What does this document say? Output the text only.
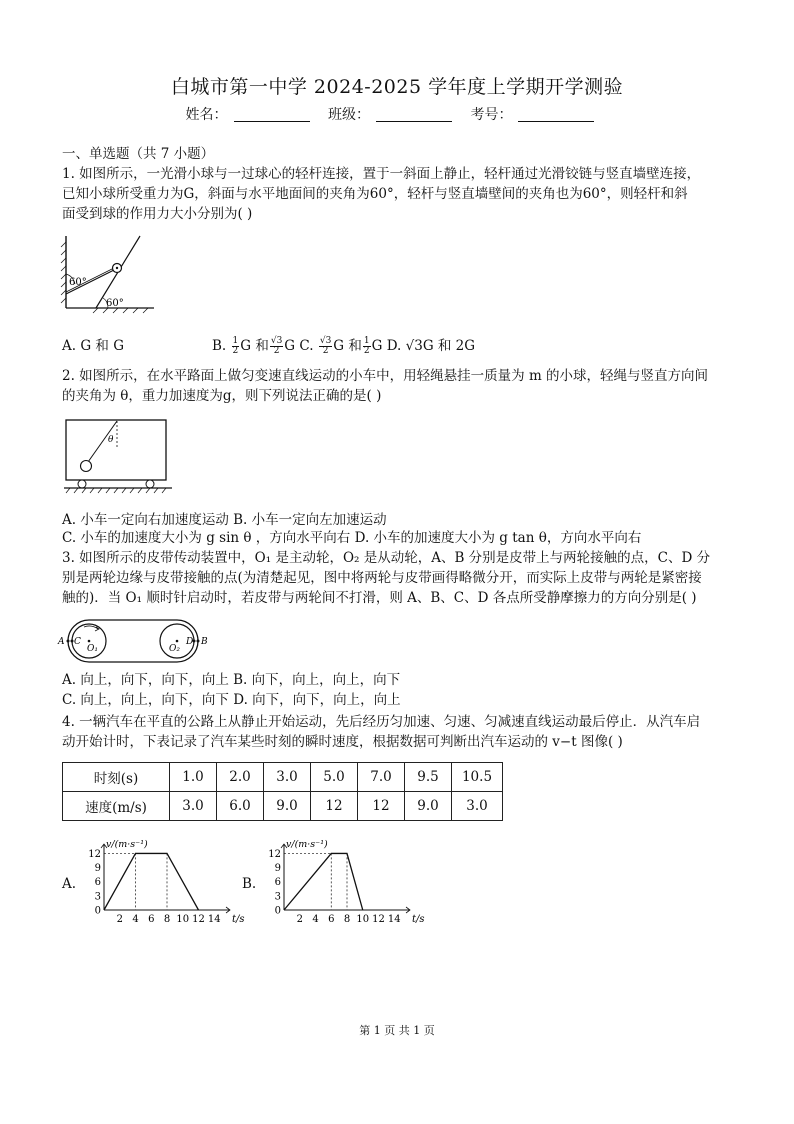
白城市第一中学 2024-2025 学年度上学期开学测验
姓名：	班级：	考号：
一、单选题（共 7 小题）
1. 如图所示，一光滑小球与一过球心的轻杆连接，置于一斜面上静止，轻杆通过光滑铰链与竖直墙壁连接，
已知小球所受重力为G，斜面与水平地面间的夹角为60°，轻杆与竖直墙壁间的夹角也为60°，则轻杆和斜
面受到球的作用力大小分别为( )
60°
60°
A. G 和 G	B. $\frac{1}{2}$ G 和 $\frac{√3}{2}$ G C. $\frac{√3}{2}$ G 和 $\frac{1}{2}$ G D. √3G 和 2G
2. 如图所示，在水平路面上做匀变速直线运动的小车中，用轻绳悬挂一质量为 m 的小球，轻绳与竖直方向间
的夹角为 θ，重力加速度为g，则下列说法正确的是( )
θ
A. 小车一定向右加速度运动 B. 小车一定向左加速运动
C. 小车的加速度大小为 g sin θ ，方向水平向右 D. 小车的加速度大小为 g tan θ，方向水平向右
3. 如图所示的皮带传动装置中，O₁ 是主动轮，O₂ 是从动轮，A、B 分别是皮带上与两轮接触的点，C、D 分
别是两轮边缘与皮带接触的点(为清楚起见，图中将两轮与皮带画得略微分开，而实际上皮带与两轮是紧密接
触的)．当 O₁ 顺时针启动时，若皮带与两轮间不打滑，则 A、B、C、D 各点所受静摩擦力的方向分别是( )
A C
O₁	O₂
D B
A. 向上，向下，向下，向上 B. 向下，向上，向上，向下
C. 向上，向上，向下，向下 D. 向下，向下，向上，向上
4. 一辆汽车在平直的公路上从静止开始运动，先后经历匀加速、匀速、匀减速直线运动最后停止．从汽车启
动开始计时，下表记录了汽车某些时刻的瞬时速度，根据数据可判断出汽车运动的 v−t 图像( )
时刻(s)	1.0	2.0	3.0	5.0	7.0	9.5	10.5
速度(m/s)	3.0	6.0	9.0	12	12	9.0	3.0
A.
12
9
6
3
0
2 4 6 8 10 12 14
v/(m·s⁻¹)
t/s
B.
12
9
6
3
0
2 4 6 8 10 12 14
v/(m·s⁻¹)
t/s
第 1 页 共 1 页
